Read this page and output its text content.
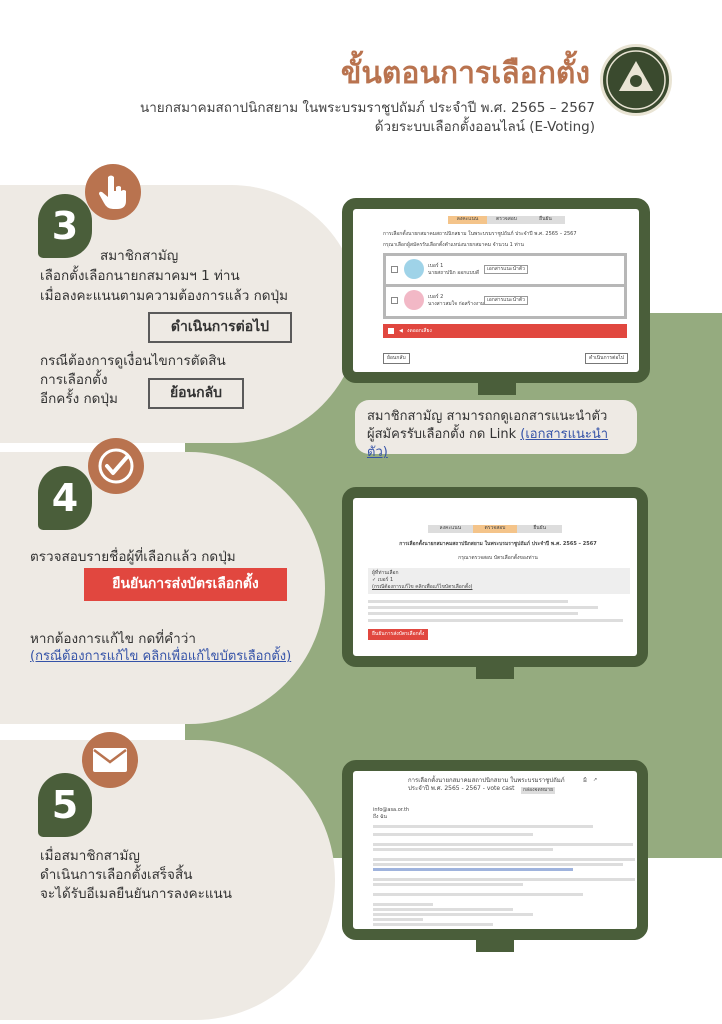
ขั้นตอนการเลือกตั้ง
นายกสมาคมสถาปนิกสยาม ในพระบรมราชูปถัมภ์ ประจำปี พ.ศ. 2565 – 2567
ด้วยระบบเลือกตั้งออนไลน์ (E-Voting)
3
สมาชิกสามัญ
เลือกตั้งเลือกนายกสมาคมฯ 1 ท่าน
เมื่อลงคะแนนตามความต้องการแล้ว กดปุ่ม
ดำเนินการต่อไป
กรณีต้องการดูเงื่อนไขการตัดสิน
การเลือกตั้ง
อีกครั้ง กดปุ่ม	ย้อนกลับ
ลงคะแนน	ตรวจสอบ	ยืนยัน
การเลือกตั้งนายกสมาคมสถาปนิกสยาม ในพระบรมราชูปถัมภ์ ประจำปี พ.ศ. 2565 – 2567
กรุณาเลือกผู้สมัครรับเลือกตั้งตำแหน่งนายกสมาคม จำนวน 1 ท่าน
เบอร์ 1
นายสถาปนิก ออกแบบดี
เอกสารแนะนำตัว
เบอร์ 2
นางสาวสมใจ ก่อสร้างงาม
เอกสารแนะนำตัว
◀ งดออกเสียง
ย้อนกลับ	ดำเนินการต่อไป
สมาชิกสามัญ สามารถกดูเอกสารแนะนำตัว
ผู้สมัครรับเลือกตั้ง กด Link (เอกสารแนะนำตัว)
4
ตรวจสอบรายชื่อผู้ที่เลือกแล้ว กดปุ่ม
ยืนยันการส่งบัตรเลือกตั้ง
หากต้องการแก้ไข กดที่คำว่า
(กรณีต้องการแก้ไข คลิกเพื่อแก้ไขบัตรเลือกตั้ง)
ลงคะแนน	ตรวจสอบ	ยืนยัน
การเลือกตั้งนายกสมาคมสถาปนิกสยาม ในพระบรมราชูปถัมภ์ ประจำปี พ.ศ. 2565 – 2567
กรุณาตรวจสอบ บัตรเลือกตั้งของท่าน
ผู้ที่ท่านเลือก
✓ เบอร์ 1
(กรณีต้องการแก้ไข คลิกเพื่อแก้ไขบัตรเลือกตั้ง)
ยืนยันการส่งบัตรเลือกตั้ง
5
เมื่อสมาชิกสามัญ
ดำเนินการเลือกตั้งเสร็จสิ้น
จะได้รับอีเมลยืนยันการลงคะแนน
การเลือกตั้งนายกสมาคมสถาปนิกสยาม ในพระบรมราชูปถัมภ์ ประจำปี พ.ศ. 2565 - 2567 - vote cast	กล่องจดหมาย
⎙ ↗
info@asa.or.th
ถึง ฉัน
